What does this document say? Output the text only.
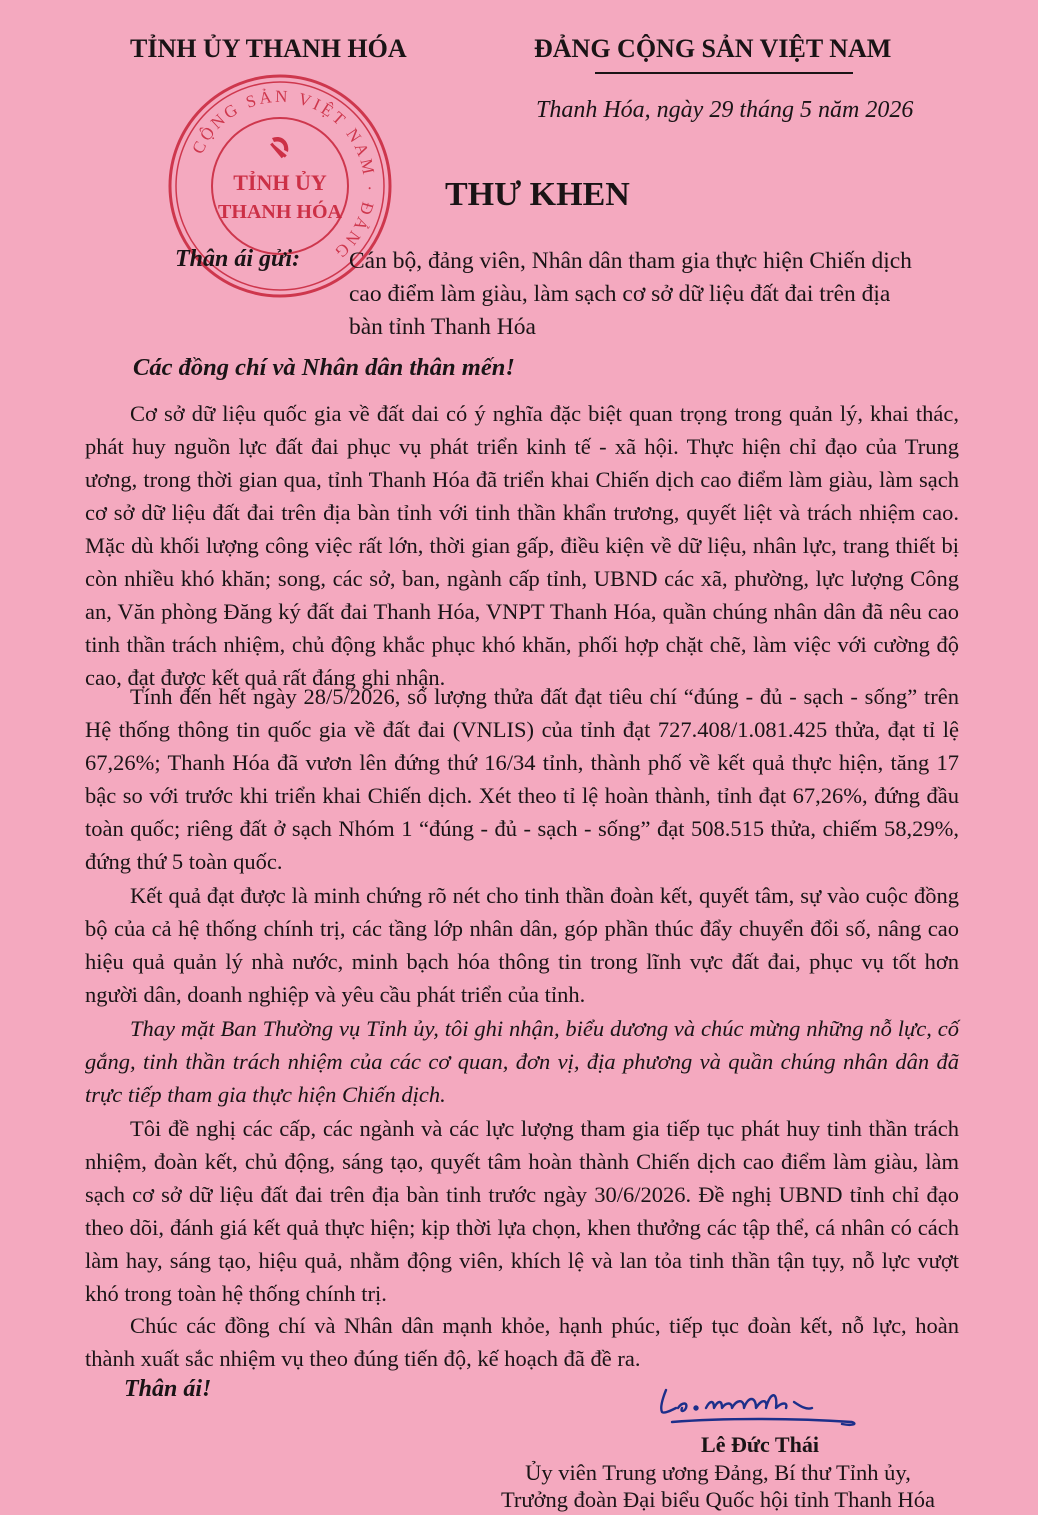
TỈNH ỦY THANH HÓA	ĐẢNG CỘNG SẢN VIỆT NAM
Thanh Hóa, ngày 29 tháng 5 năm 2026
CỘNG SẢN VIỆT NAM · ĐẢNG
TỈNH ỦY
THANH HÓA	THƯ KHEN
Thân ái gửi: Cán bộ, đảng viên, Nhân dân tham gia thực hiện Chiến dịch cao điểm làm giàu, làm sạch cơ sở dữ liệu đất đai trên địa bàn tỉnh Thanh Hóa

Các đồng chí và Nhân dân thân mến!

Cơ sở dữ liệu quốc gia về đất dai có ý nghĩa đặc biệt quan trọng trong quản lý, khai thác, phát huy nguồn lực đất đai phục vụ phát triển kinh tế - xã hội. Thực hiện chỉ đạo của Trung ương, trong thời gian qua, tỉnh Thanh Hóa đã triển khai Chiến dịch cao điểm làm giàu, làm sạch cơ sở dữ liệu đất đai trên địa bàn tỉnh với tinh thần khẩn trương, quyết liệt và trách nhiệm cao. Mặc dù khối lượng công việc rất lớn, thời gian gấp, điều kiện về dữ liệu, nhân lực, trang thiết bị còn nhiều khó khăn; song, các sở, ban, ngành cấp tỉnh, UBND các xã, phường, lực lượng Công an, Văn phòng Đăng ký đất đai Thanh Hóa, VNPT Thanh Hóa, quần chúng nhân dân đã nêu cao tinh thần trách nhiệm, chủ động khắc phục khó khăn, phối hợp chặt chẽ, làm việc với cường độ cao, đạt được kết quả rất đáng ghi nhận.

Tính đến hết ngày 28/5/2026, số lượng thửa đất đạt tiêu chí “đúng - đủ - sạch - sống” trên Hệ thống thông tin quốc gia về đất đai (VNLIS) của tỉnh đạt 727.408/1.081.425 thửa, đạt tỉ lệ 67,26%; Thanh Hóa đã vươn lên đứng thứ 16/34 tỉnh, thành phố về kết quả thực hiện, tăng 17 bậc so với trước khi triển khai Chiến dịch. Xét theo tỉ lệ hoàn thành, tỉnh đạt 67,26%, đứng đầu toàn quốc; riêng đất ở sạch Nhóm 1 “đúng - đủ - sạch - sống” đạt 508.515 thửa, chiếm 58,29%, đứng thứ 5 toàn quốc.

Kết quả đạt được là minh chứng rõ nét cho tinh thần đoàn kết, quyết tâm, sự vào cuộc đồng bộ của cả hệ thống chính trị, các tầng lớp nhân dân, góp phần thúc đẩy chuyển đổi số, nâng cao hiệu quả quản lý nhà nước, minh bạch hóa thông tin trong lĩnh vực đất đai, phục vụ tốt hơn người dân, doanh nghiệp và yêu cầu phát triển của tỉnh.

Thay mặt Ban Thường vụ Tỉnh ủy, tôi ghi nhận, biểu dương và chúc mừng những nỗ lực, cố gắng, tinh thần trách nhiệm của các cơ quan, đơn vị, địa phương và quần chúng nhân dân đã trực tiếp tham gia thực hiện Chiến dịch.

Tôi đề nghị các cấp, các ngành và các lực lượng tham gia tiếp tục phát huy tinh thần trách nhiệm, đoàn kết, chủ động, sáng tạo, quyết tâm hoàn thành Chiến dịch cao điểm làm giàu, làm sạch cơ sở dữ liệu đất đai trên địa bàn tinh trước ngày 30/6/2026. Đề nghị UBND tỉnh chỉ đạo theo dõi, đánh giá kết quả thực hiện; kịp thời lựa chọn, khen thưởng các tập thể, cá nhân có cách làm hay, sáng tạo, hiệu quả, nhằm động viên, khích lệ và lan tỏa tinh thần tận tụy, nỗ lực vượt khó trong toàn hệ thống chính trị.

Chúc các đồng chí và Nhân dân mạnh khỏe, hạnh phúc, tiếp tục đoàn kết, nỗ lực, hoàn thành xuất sắc nhiệm vụ theo đúng tiến độ, kế hoạch đã đề ra.

Thân ái!
Lê Đức Thái
Ủy viên Trung ương Đảng, Bí thư Tỉnh ủy,
Trưởng đoàn Đại biểu Quốc hội tỉnh Thanh Hóa
